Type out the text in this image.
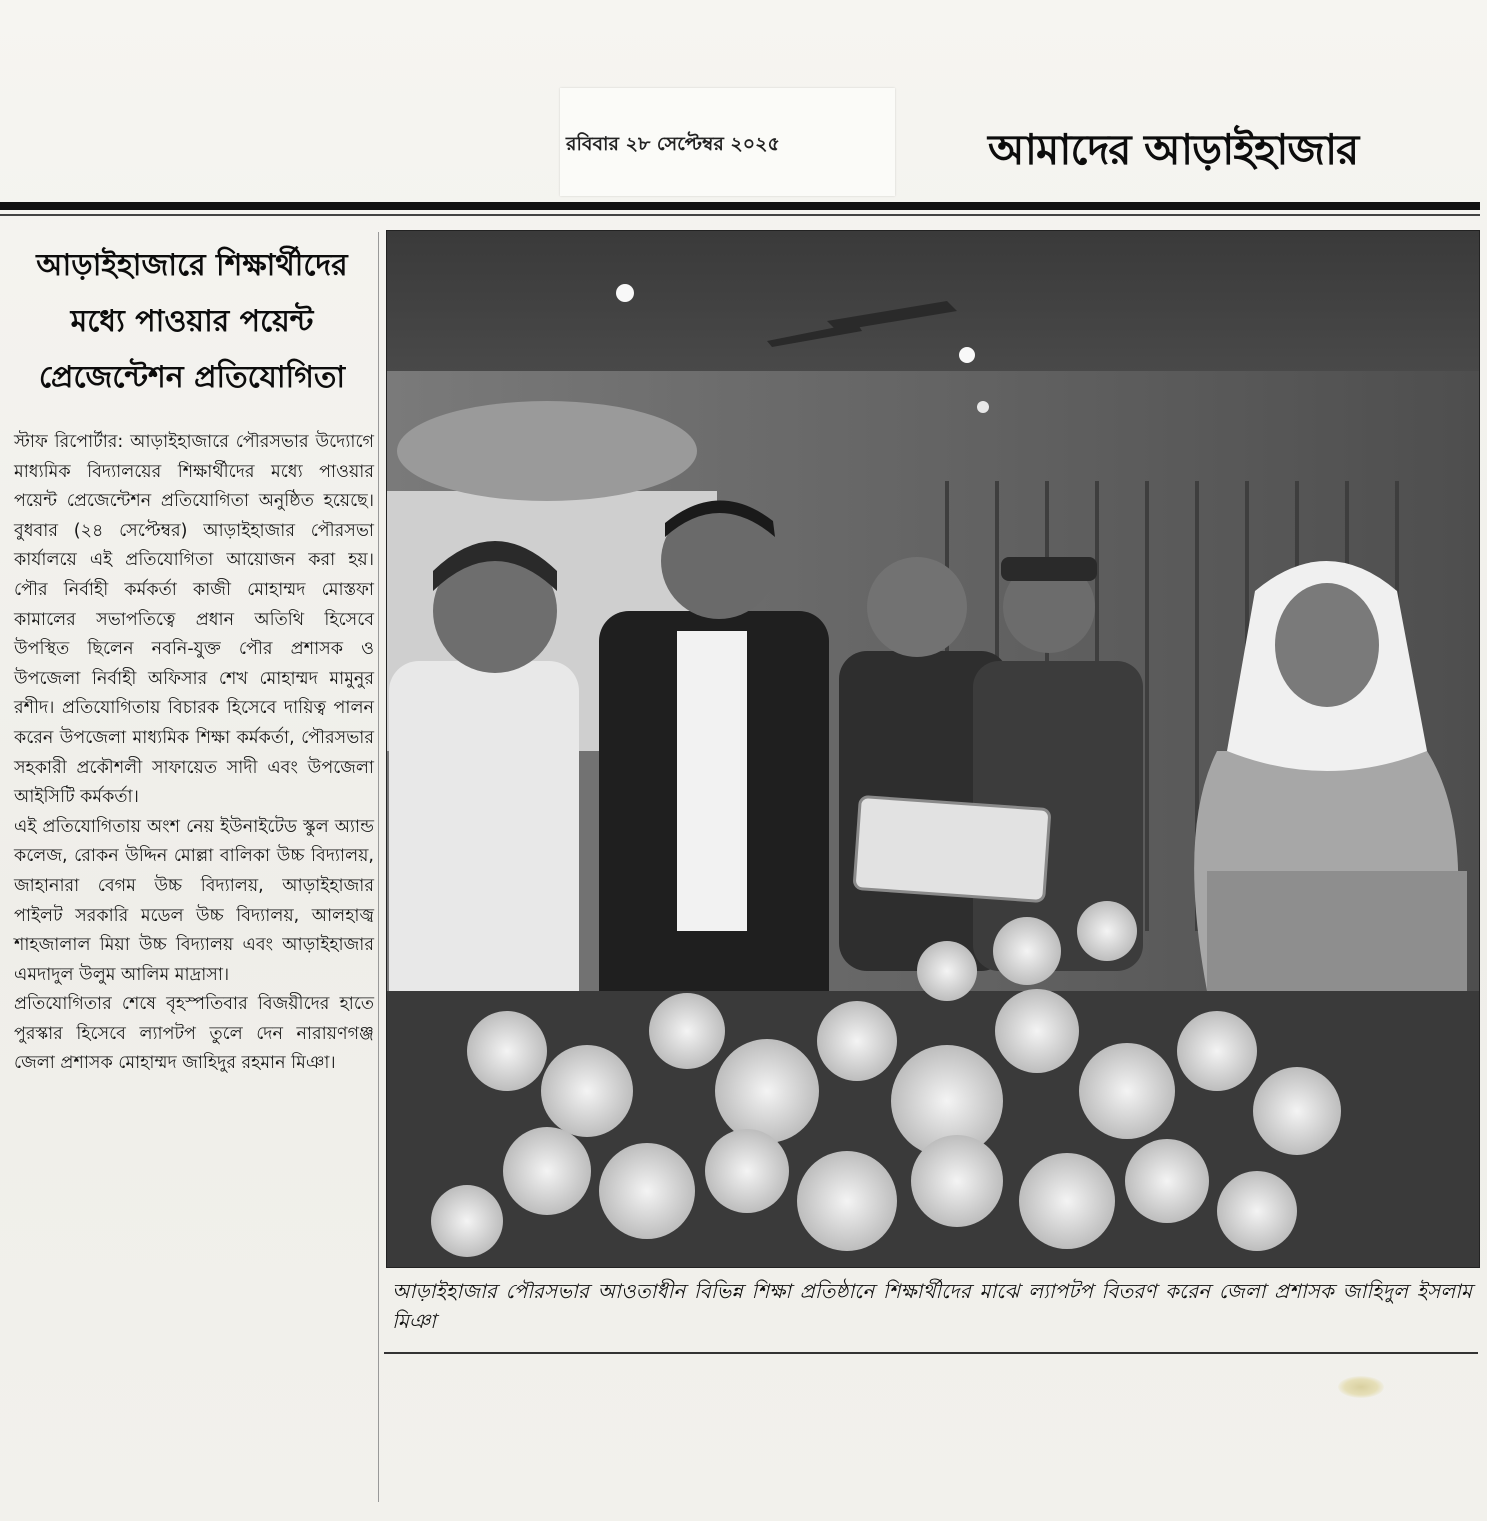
রবিবার ২৮ সেপ্টেম্বর ২০২৫	আমাদের আড়াইহাজার
আড়াইহাজারে শিক্ষার্থীদের
মধ্যে পাওয়ার পয়েন্ট
প্রেজেন্টেশন প্রতিযোগিতা

স্টাফ রিপোর্টার: আড়াইহাজারে পৌরসভার উদ্যোগে মাধ্যমিক বিদ্যালয়ের শিক্ষার্থীদের মধ্যে পাওয়ার পয়েন্ট প্রেজেন্টেশন প্রতিযোগিতা অনুষ্ঠিত হয়েছে। বুধবার (২৪ সেপ্টেম্বর) আড়াইহাজার পৌরসভা কার্যালয়ে এই প্রতিযোগিতা আয়োজন করা হয়। পৌর নির্বাহী কর্মকর্তা কাজী মোহাম্মদ মোস্তফা কামালের সভাপতিত্বে প্রধান অতিথি হিসেবে উপস্থিত ছিলেন নবনি-যুক্ত পৌর প্রশাসক ও উপজেলা নির্বাহী অফিসার শেখ মোহাম্মদ মামুনুর রশীদ। প্রতিযোগিতায় বিচারক হিসেবে দায়িত্ব পালন করেন উপজেলা মাধ্যমিক শিক্ষা কর্মকর্তা, পৌরসভার সহকারী প্রকৌশলী সাফায়েত সাদী এবং উপজেলা আইসিটি কর্মকর্তা।

এই প্রতিযোগিতায় অংশ নেয় ইউনাইটেড স্কুল অ্যান্ড কলেজ, রোকন উদ্দিন মোল্লা বালিকা উচ্চ বিদ্যালয়, জাহানারা বেগম উচ্চ বিদ্যালয়, আড়াইহাজার পাইলট সরকারি মডেল উচ্চ বিদ্যালয়, আলহাজ্ব শাহজালাল মিয়া উচ্চ বিদ্যালয় এবং আড়াইহাজার এমদাদুল উলুম আলিম মাদ্রাসা।

প্রতিযোগিতার শেষে বৃহস্পতিবার বিজয়ীদের হাতে পুরস্কার হিসেবে ল্যাপটপ তুলে দেন নারায়ণগঞ্জ জেলা প্রশাসক মোহাম্মদ জাহিদুর রহমান মিঞা।

আড়াইহাজার পৌরসভার আওতাধীন বিভিন্ন শিক্ষা প্রতিষ্ঠানে শিক্ষার্থীদের মাঝে ল্যাপটপ বিতরণ করেন জেলা প্রশাসক জাহিদুল ইসলাম মিঞা
